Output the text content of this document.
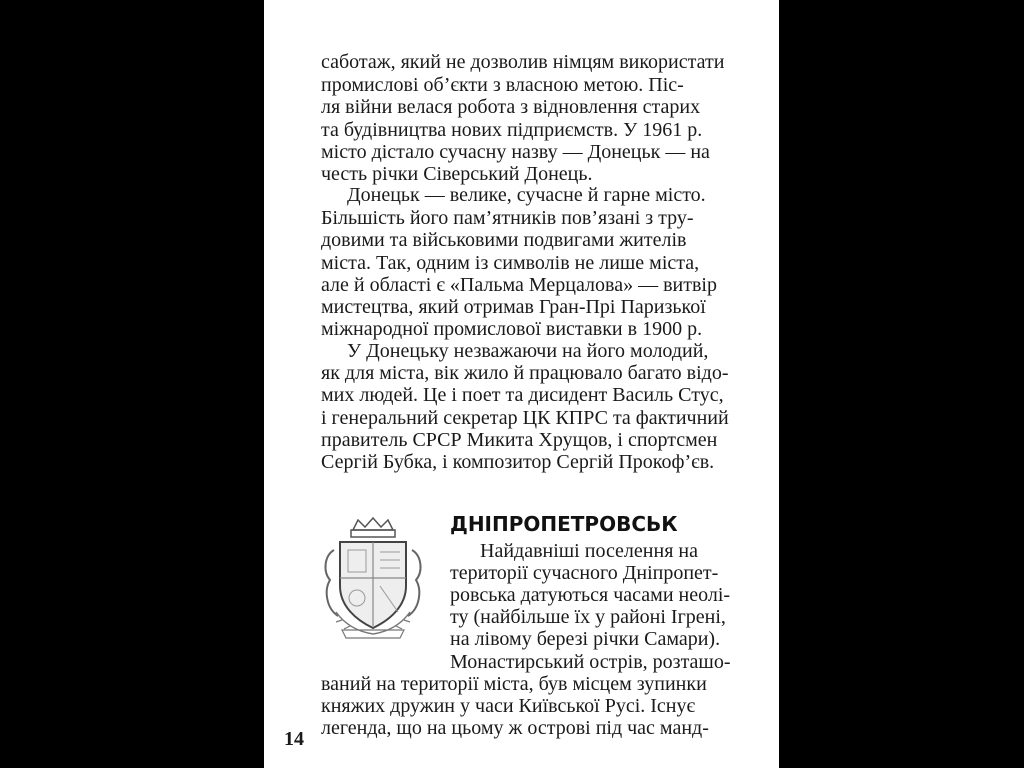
саботаж, який не дозволив німцям використати
промислові об’єкти з власною метою. Піс-
ля війни велася робота з відновлення старих
та будівництва нових підприємств. У 1961 р.
місто дістало сучасну назву — Донецьк — на
честь річки Сіверський Донець.
Донецьк — велике, сучасне й гарне місто.
Більшість його пам’ятників пов’язані з тру-
довими та військовими подвигами жителів
міста. Так, одним із символів не лише міста,
але й області є «Пальма Мерцалова» — витвір
мистецтва, який отримав Гран-Прі Паризької
міжнародної промислової виставки в 1900 р.
У Донецьку незважаючи на його молодий,
як для міста, вік жило й працювало багато відо-
мих людей. Це і поет та дисидент Василь Стус,
і генеральний секретар ЦК КПРС та фактичний
правитель СРСР Микита Хрущов, і спортсмен
Сергій Бубка, і композитор Сергій Прокоф’єв.
ДНІПРОПЕТРОВСЬК
Найдавніші поселення на
території сучасного Дніпропет-
ровська датуються часами неолі-
ту (найбільше їх у районі Ігрені,
на лівому березі річки Самари).
Монастирський острів, розташо-
ваний на території міста, був місцем зупинки
княжих дружин у часи Київської Русі. Існує
легенда, що на цьому ж острові під час манд-
14
